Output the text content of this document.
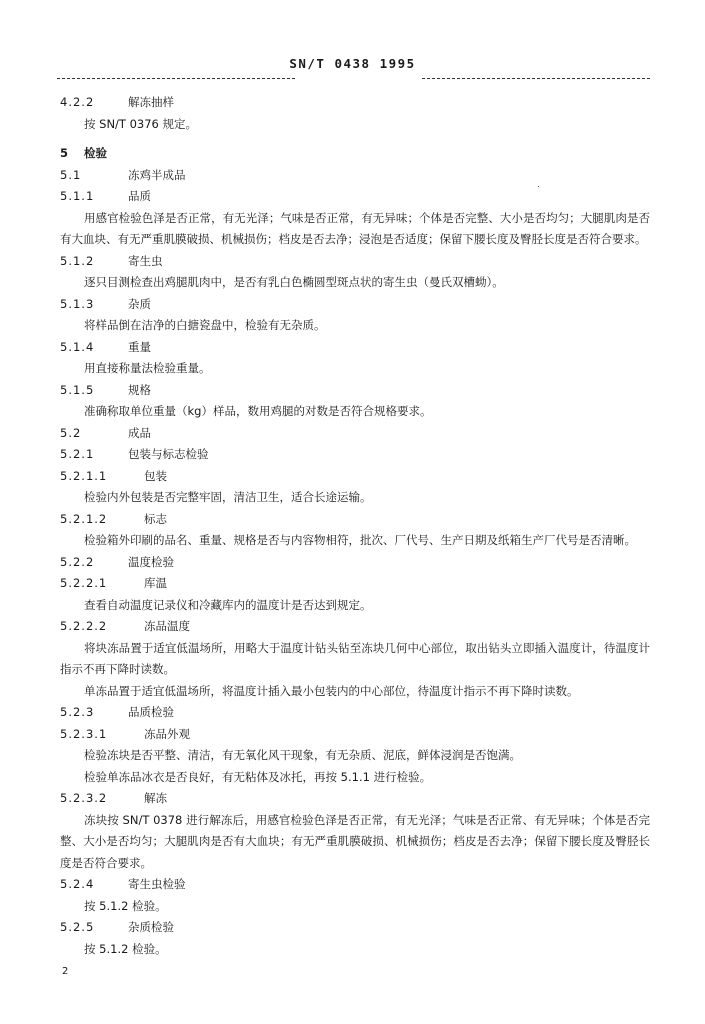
SN/T 0438 1995
4.2.2	解冻抽样

按 SN/T 0376 规定。

5 检验
5.1	冻鸡半成品
5.1.1	品质

用感官检验色泽是否正常，有无光泽；气味是否正常，有无异味；个体是否完整、大小是否均匀；大腿肌肉是否有大血块、有无严重肌膜破损、机械损伤；档皮是否去净；浸泡是否适度；保留下腰长度及臀胫长度是否符合要求。

5.1.2	寄生虫

逐只目测检查出鸡腿肌肉中，是否有乳白色椭圆型斑点状的寄生虫（曼氏双槽蚴）。

5.1.3	杂质

将样品倒在洁净的白搪瓷盘中，检验有无杂质。

5.1.4	重量

用直接称量法检验重量。

5.1.5	规格

准确称取单位重量（kg）样品，数用鸡腿的对数是否符合规格要求。

5.2	成品
5.2.1	包装与标志检验
5.2.1.1	包装

检验内外包装是否完整牢固，清洁卫生，适合长途运输。

5.2.1.2	标志

检验箱外印刷的品名、重量、规格是否与内容物相符，批次、厂代号、生产日期及纸箱生产厂代号是否清晰。

5.2.2	温度检验
5.2.2.1	库温

查看自动温度记录仪和冷藏库内的温度计是否达到规定。

5.2.2.2	冻品温度

将块冻品置于适宜低温场所，用略大于温度计钻头钻至冻块几何中心部位，取出钻头立即插入温度计，待温度计指示不再下降时读数。

单冻品置于适宜低温场所，将温度计插入最小包装内的中心部位，待温度计指示不再下降时读数。

5.2.3	品质检验
5.2.3.1	冻品外观

检验冻块是否平整、清洁，有无氧化风干现象，有无杂质、泥底，鲜体浸润是否饱满。

检验单冻品冰衣是否良好，有无粘体及冰托，再按 5.1.1 进行检验。

5.2.3.2	解冻

冻块按 SN/T 0378 进行解冻后，用感官检验色泽是否正常，有无光泽；气味是否正常、有无异味；个体是否完整、大小是否均匀；大腿肌肉是否有大血块；有无严重肌膜破损、机械损伤；档皮是否去净；保留下腰长度及臀胫长度是否符合要求。

5.2.4	寄生虫检验

按 5.1.2 检验。

5.2.5	杂质检验

按 5.1.2 检验。

2
